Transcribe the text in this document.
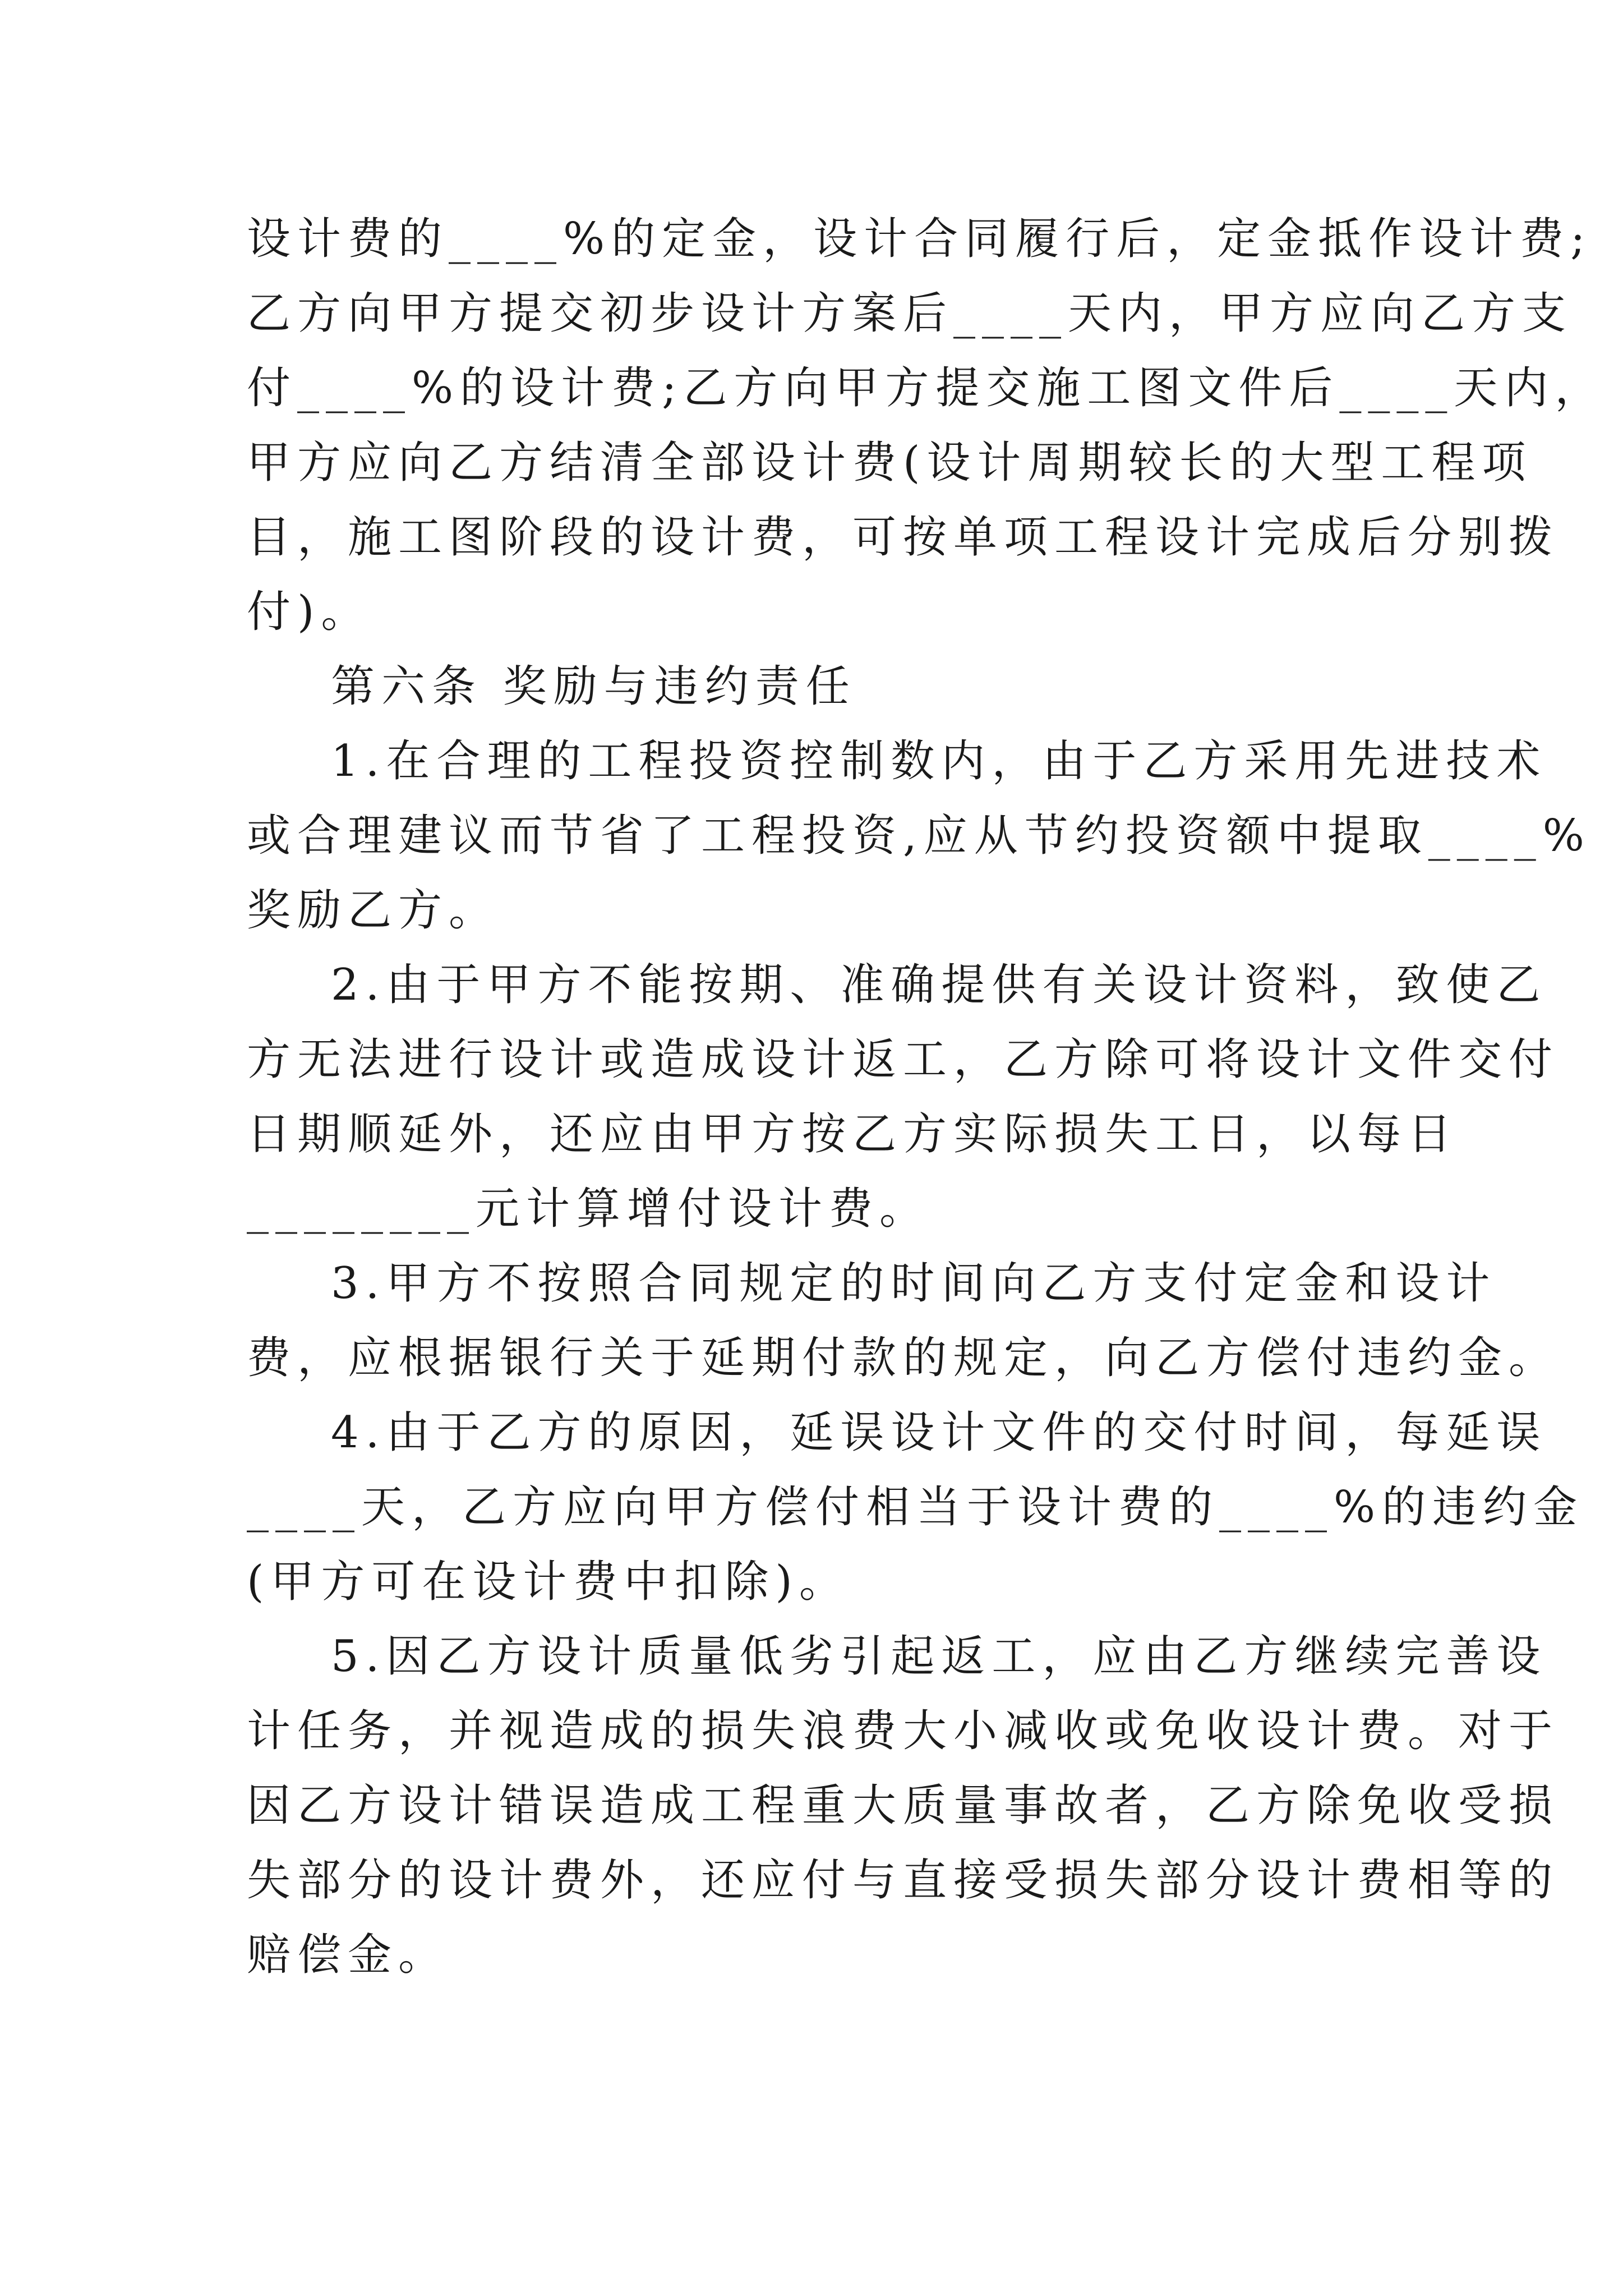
设计费的____%的定金，设计合同履行后，定金抵作设计费;
乙方向甲方提交初步设计方案后____天内，甲方应向乙方支
付____%的设计费;乙方向甲方提交施工图文件后____天内，
甲方应向乙方结清全部设计费(设计周期较长的大型工程项
目，施工图阶段的设计费，可按单项工程设计完成后分别拨
付)。
第六条 奖励与违约责任
1.在合理的工程投资控制数内，由于乙方采用先进技术
或合理建议而节省了工程投资,应从节约投资额中提取____%
奖励乙方。
2.由于甲方不能按期、准确提供有关设计资料，致使乙
方无法进行设计或造成设计返工，乙方除可将设计文件交付
日期顺延外，还应由甲方按乙方实际损失工日，以每日
________元计算增付设计费。
3.甲方不按照合同规定的时间向乙方支付定金和设计
费，应根据银行关于延期付款的规定，向乙方偿付违约金。
4.由于乙方的原因，延误设计文件的交付时间，每延误
____天，乙方应向甲方偿付相当于设计费的____%的违约金
(甲方可在设计费中扣除)。
5.因乙方设计质量低劣引起返工，应由乙方继续完善设
计任务，并视造成的损失浪费大小减收或免收设计费。对于
因乙方设计错误造成工程重大质量事故者，乙方除免收受损
失部分的设计费外，还应付与直接受损失部分设计费相等的
赔偿金。
